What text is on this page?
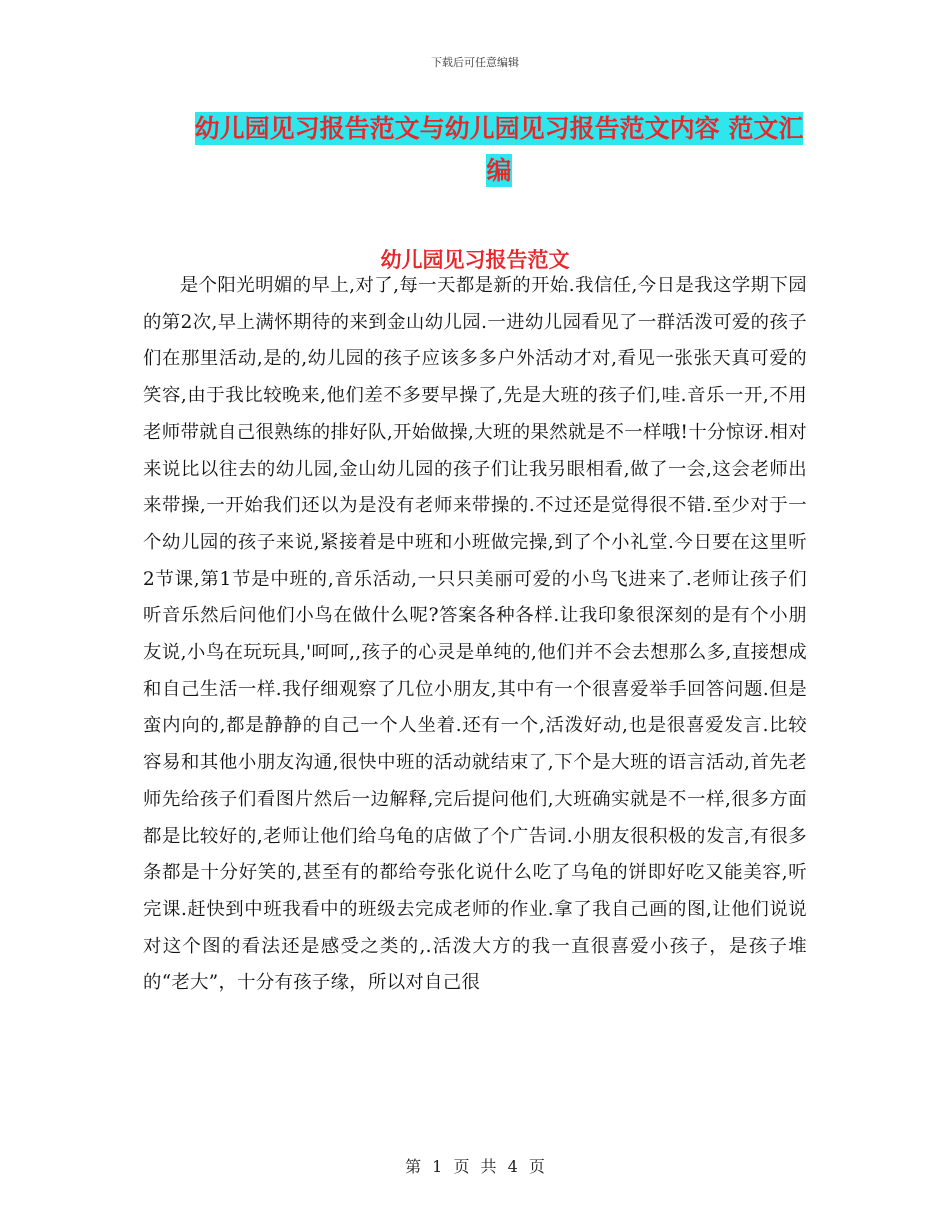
下载后可任意编辑
幼儿园见习报告范文与幼儿园见习报告范文内容 范文汇编
幼儿园见习报告范文

是个阳光明媚的早上,对了,每一天都是新的开始.我信任,今日是我这学期下园的第2次,早上满怀期待的来到金山幼儿园.一进幼儿园看见了一群活泼可爱的孩子们在那里活动,是的,幼儿园的孩子应该多多户外活动才对,看见一张张天真可爱的笑容,由于我比较晚来,他们差不多要早操了,先是大班的孩子们,哇.音乐一开,不用老师带就自己很熟练的排好队,开始做操,大班的果然就是不一样哦!十分惊讶.相对来说比以往去的幼儿园,金山幼儿园的孩子们让我另眼相看,做了一会,这会老师出来带操,一开始我们还以为是没有老师来带操的.不过还是觉得很不错.至少对于一个幼儿园的孩子来说,紧接着是中班和小班做完操,到了个小礼堂.今日要在这里听2节课,第1节是中班的,音乐活动,一只只美丽可爱的小鸟飞进来了.老师让孩子们听音乐然后问他们小鸟在做什么呢?答案各种各样.让我印象很深刻的是有个小朋友说,小鸟在玩玩具,'呵呵,,孩子的心灵是单纯的,他们并不会去想那么多,直接想成和自己生活一样.我仔细观察了几位小朋友,其中有一个很喜爱举手回答问题.但是蛮内向的,都是静静的自己一个人坐着.还有一个,活泼好动,也是很喜爱发言.比较容易和其他小朋友沟通,很快中班的活动就结束了,下个是大班的语言活动,首先老师先给孩子们看图片然后一边解释,完后提问他们,大班确实就是不一样,很多方面都是比较好的,老师让他们给乌龟的店做了个广告词.小朋友很积极的发言,有很多条都是十分好笑的,甚至有的都给夸张化说什么吃了乌龟的饼即好吃又能美容,听完课.赶快到中班我看中的班级去完成老师的作业.拿了我自己画的图,让他们说说对这个图的看法还是感受之类的,.活泼大方的我一直很喜爱小孩子，是孩子堆的“老大”，十分有孩子缘，所以对自己很

第 1 页 共 4 页
